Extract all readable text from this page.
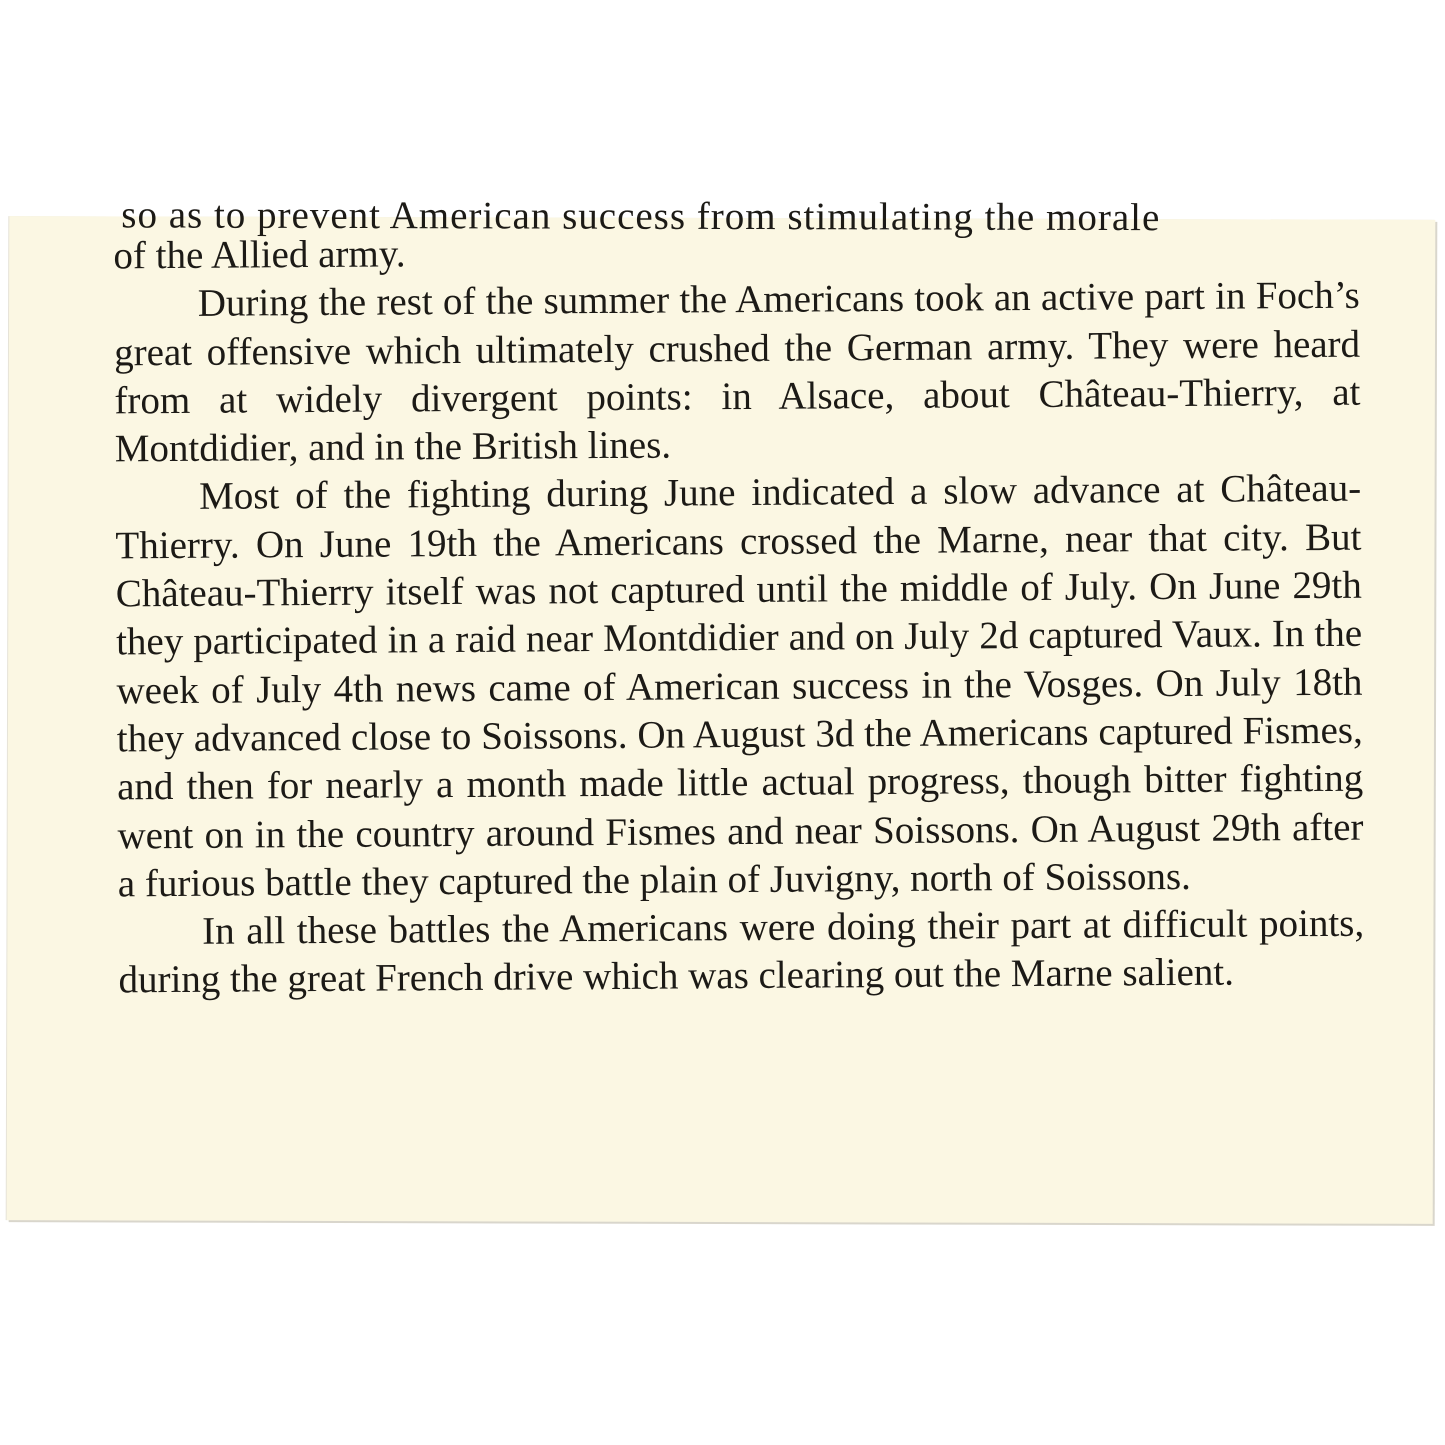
so as to prevent American success from stimulating the morale

of the Allied army.

During the rest of the summer the Americans took an active part in Foch’s great offensive which ultimately crushed the German army. They were heard from at widely divergent points: in Alsace, about Château-Thierry, at Montdidier, and in the British lines.

Most of the fighting during June indicated a slow advance at Château-Thierry. On June 19th the Americans crossed the Marne, near that city. But Château-Thierry itself was not captured until the middle of July. On June 29th they participated in a raid near Montdidier and on July 2d captured Vaux. In the week of July 4th news came of American success in the Vosges. On July 18th they advanced close to Soissons. On August 3d the Americans captured Fismes, and then for nearly a month made little actual progress, though bitter fighting went on in the country around Fismes and near Soissons. On August 29th after a furious battle they captured the plain of Juvigny, north of Soissons.

In all these battles the Americans were doing their part at difficult points, during the great French drive which was clearing out the Marne salient.
